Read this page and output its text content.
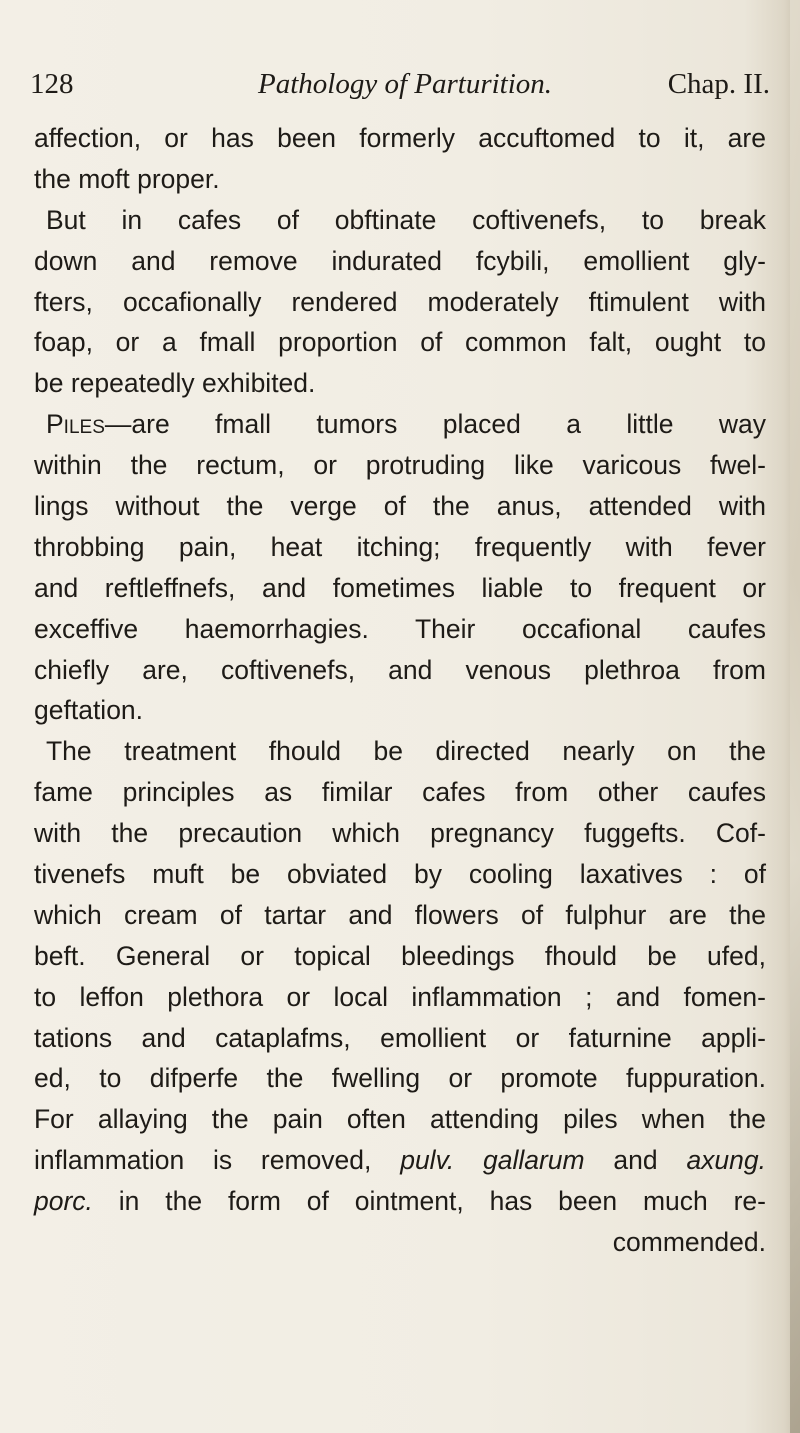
128	Pathology of Parturition.	Chap. II.
affection, or has been formerly accuftomed to it, are
the moft proper.
But in cafes of obftinate coftivenefs, to break
down and remove indurated fcybili, emollient gly-
fters, occafionally rendered moderately ftimulent with
foap, or a fmall proportion of common falt, ought to
be repeatedly exhibited.
Piles—are fmall tumors placed a little way
within the rectum, or protruding like varicous fwel-
lings without the verge of the anus, attended with
throbbing pain, heat itching; frequently with fever
and reftleffnefs, and fometimes liable to frequent or
exceffive haemorrhagies. Their occafional caufes
chiefly are, coftivenefs, and venous plethroa from
geftation.
The treatment fhould be directed nearly on the
fame principles as fimilar cafes from other caufes
with the precaution which pregnancy fuggefts. Cof-
tivenefs muft be obviated by cooling laxatives : of
which cream of tartar and flowers of fulphur are the
beft. General or topical bleedings fhould be ufed,
to leffon plethora or local inflammation ; and fomen-
tations and cataplafms, emollient or faturnine appli-
ed, to difperfe the fwelling or promote fuppuration.
For allaying the pain often attending piles when the
inflammation is removed, pulv. gallarum and axung.
porc. in the form of ointment, has been much re-
commended.
